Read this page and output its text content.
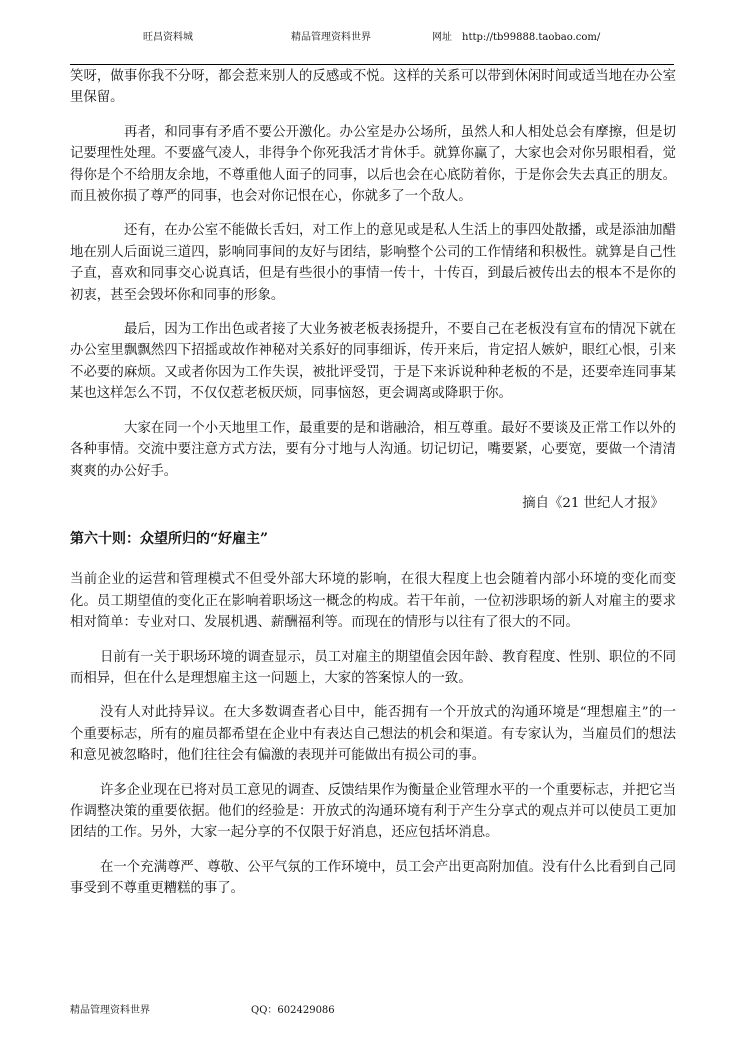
旺昌资料城	精品管理资料世界	网址　http://tb99888.taobao.com/

笑呀，做事你我不分呀，都会惹来别人的反感或不悦。这样的关系可以带到休闲时间或适当地在办公室里保留。

再者，和同事有矛盾不要公开激化。办公室是办公场所，虽然人和人相处总会有摩擦，但是切记要理性处理。不要盛气凌人，非得争个你死我活才肯休手。就算你赢了，大家也会对你另眼相看，觉得你是个不给朋友余地，不尊重他人面子的同事，以后也会在心底防着你，于是你会失去真正的朋友。而且被你损了尊严的同事，也会对你记恨在心，你就多了一个敌人。

还有，在办公室不能做长舌妇，对工作上的意见或是私人生活上的事四处散播，或是添油加醋地在别人后面说三道四，影响同事间的友好与团结，影响整个公司的工作情绪和积极性。就算是自己性子直，喜欢和同事交心说真话，但是有些很小的事情一传十，十传百，到最后被传出去的根本不是你的初衷，甚至会毁坏你和同事的形象。

最后，因为工作出色或者接了大业务被老板表扬提升，不要自己在老板没有宣布的情况下就在办公室里飘飘然四下招摇或故作神秘对关系好的同事细诉，传开来后，肯定招人嫉妒，眼红心恨，引来不必要的麻烦。又或者你因为工作失误，被批评受罚，于是下来诉说种种老板的不是，还要牵连同事某某也这样怎么不罚，不仅仅惹老板厌烦，同事恼怒，更会调离或降职于你。

大家在同一个小天地里工作，最重要的是和谐融洽，相互尊重。最好不要谈及正常工作以外的各种事情。交流中要注意方式方法，要有分寸地与人沟通。切记切记，嘴要紧，心要宽，要做一个清清爽爽的办公好手。

摘自《21 世纪人才报》

第六十则：众望所归的“好雇主”

当前企业的运营和管理模式不但受外部大环境的影响，在很大程度上也会随着内部小环境的变化而变化。员工期望值的变化正在影响着职场这一概念的构成。若干年前，一位初涉职场的新人对雇主的要求相对简单：专业对口、发展机遇、薪酬福利等。而现在的情形与以往有了很大的不同。

日前有一关于职场环境的调查显示，员工对雇主的期望值会因年龄、教育程度、性别、职位的不同而相异，但在什么是理想雇主这一问题上，大家的答案惊人的一致。

没有人对此持异议。在大多数调查者心目中，能否拥有一个开放式的沟通环境是“理想雇主”的一个重要标志，所有的雇员都希望在企业中有表达自己想法的机会和渠道。有专家认为，当雇员们的想法和意见被忽略时，他们往往会有偏激的表现并可能做出有损公司的事。

许多企业现在已将对员工意见的调查、反馈结果作为衡量企业管理水平的一个重要标志，并把它当作调整决策的重要依据。他们的经验是：开放式的沟通环境有利于产生分享式的观点并可以使员工更加团结的工作。另外，大家一起分享的不仅限于好消息，还应包括坏消息。

在一个充满尊严、尊敬、公平气氛的工作环境中，员工会产出更高附加值。没有什么比看到自己同事受到不尊重更糟糕的事了。

精品管理资料世界	QQ：602429086
